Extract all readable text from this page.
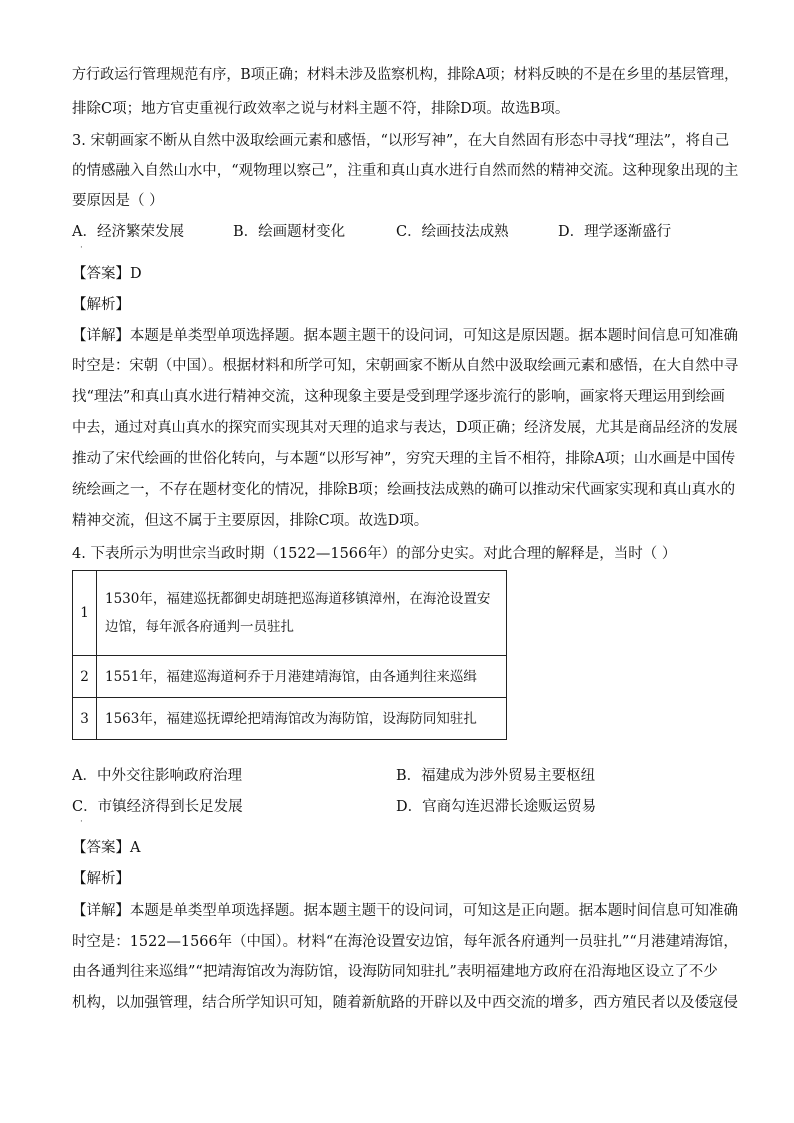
方行政运行管理规范有序，B项正确；材料未涉及监察机构，排除A项；材料反映的不是在乡里的基层管理，
排除C项；地方官吏重视行政效率之说与材料主题不符，排除D项。故选B项。
3. 宋朝画家不断从自然中汲取绘画元素和感悟，“以形写神”，在大自然固有形态中寻找“理法”，将自己
的情感融入自然山水中，“观物理以察己”，注重和真山真水进行自然而然的精神交流。这种现象出现的主
要原因是（ ）
A．经济繁荣发展	B．绘画题材变化	C．绘画技法成熟	D．理学逐渐盛行
·
【答案】D
【解析】
【详解】本题是单类型单项选择题。据本题主题干的设问词，可知这是原因题。据本题时间信息可知准确
时空是：宋朝（中国）。根据材料和所学可知，宋朝画家不断从自然中汲取绘画元素和感悟，在大自然中寻
找“理法”和真山真水进行精神交流，这种现象主要是受到理学逐步流行的影响，画家将天理运用到绘画
中去，通过对真山真水的探究而实现其对天理的追求与表达，D项正确；经济发展，尤其是商品经济的发展
推动了宋代绘画的世俗化转向，与本题“以形写神”，穷究天理的主旨不相符，排除A项；山水画是中国传
统绘画之一，不存在题材变化的情况，排除B项；绘画技法成熟的确可以推动宋代画家实现和真山真水的
精神交流，但这不属于主要原因，排除C项。故选D项。
4. 下表所示为明世宗当政时期（1522—1566年）的部分史实。对此合理的解释是，当时（ ）
1	1530年，福建巡抚都御史胡琏把巡海道移镇漳州，在海沧设置安
边馆，每年派各府通判一员驻扎

2	1551年，福建巡海道柯乔于月港建靖海馆，由各通判往来巡缉
3	1563年，福建巡抚谭纶把靖海馆改为海防馆，设海防同知驻扎
A．中外交往影响政府治理	B．福建成为涉外贸易主要枢纽
C．市镇经济得到长足发展	D．官商勾连迟滞长途贩运贸易
·
【答案】A
【解析】
【详解】本题是单类型单项选择题。据本题主题干的设问词，可知这是正向题。据本题时间信息可知准确
时空是：1522—1566年（中国）。材料“在海沧设置安边馆，每年派各府通判一员驻扎”“月港建靖海馆，
由各通判往来巡缉”“把靖海馆改为海防馆，设海防同知驻扎”表明福建地方政府在沿海地区设立了不少
机构，以加强管理，结合所学知识可知，随着新航路的开辟以及中西交流的增多，西方殖民者以及倭寇侵
